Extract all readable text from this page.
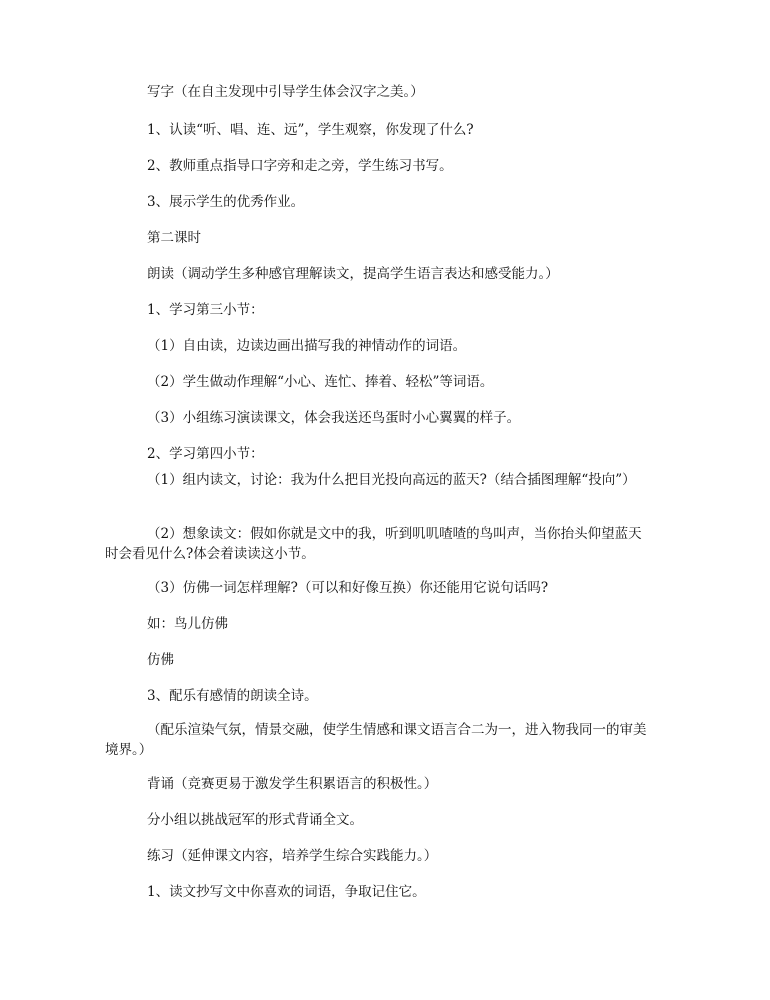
写字（在自主发现中引导学生体会汉字之美。）

1、认读“听、唱、连、远”，学生观察，你发现了什么?

2、教师重点指导口字旁和走之旁，学生练习书写。

3、展示学生的优秀作业。

第二课时

朗读（调动学生多种感官理解读文，提高学生语言表达和感受能力。）

1、学习第三小节：

（1）自由读，边读边画出描写我的神情动作的词语。

（2）学生做动作理解“小心、连忙、捧着、轻松”等词语。

（3）小组练习演读课文，体会我送还鸟蛋时小心翼翼的样子。

2、学习第四小节：

（1）组内读文，讨论：我为什么把目光投向高远的蓝天?（结合插图理解“投向”）

（2）想象读文：假如你就是文中的我，听到叽叽喳喳的鸟叫声，当你抬头仰望蓝天时会看见什么?体会着读读这小节。

（3）仿佛一词怎样理解?（可以和好像互换）你还能用它说句话吗?

如：鸟儿仿佛

仿佛

3、配乐有感情的朗读全诗。

（配乐渲染气氛，情景交融，使学生情感和课文语言合二为一，进入物我同一的审美境界。）

背诵（竞赛更易于激发学生积累语言的积极性。）

分小组以挑战冠军的形式背诵全文。

练习（延伸课文内容，培养学生综合实践能力。）

1、读文抄写文中你喜欢的词语，争取记住它。
